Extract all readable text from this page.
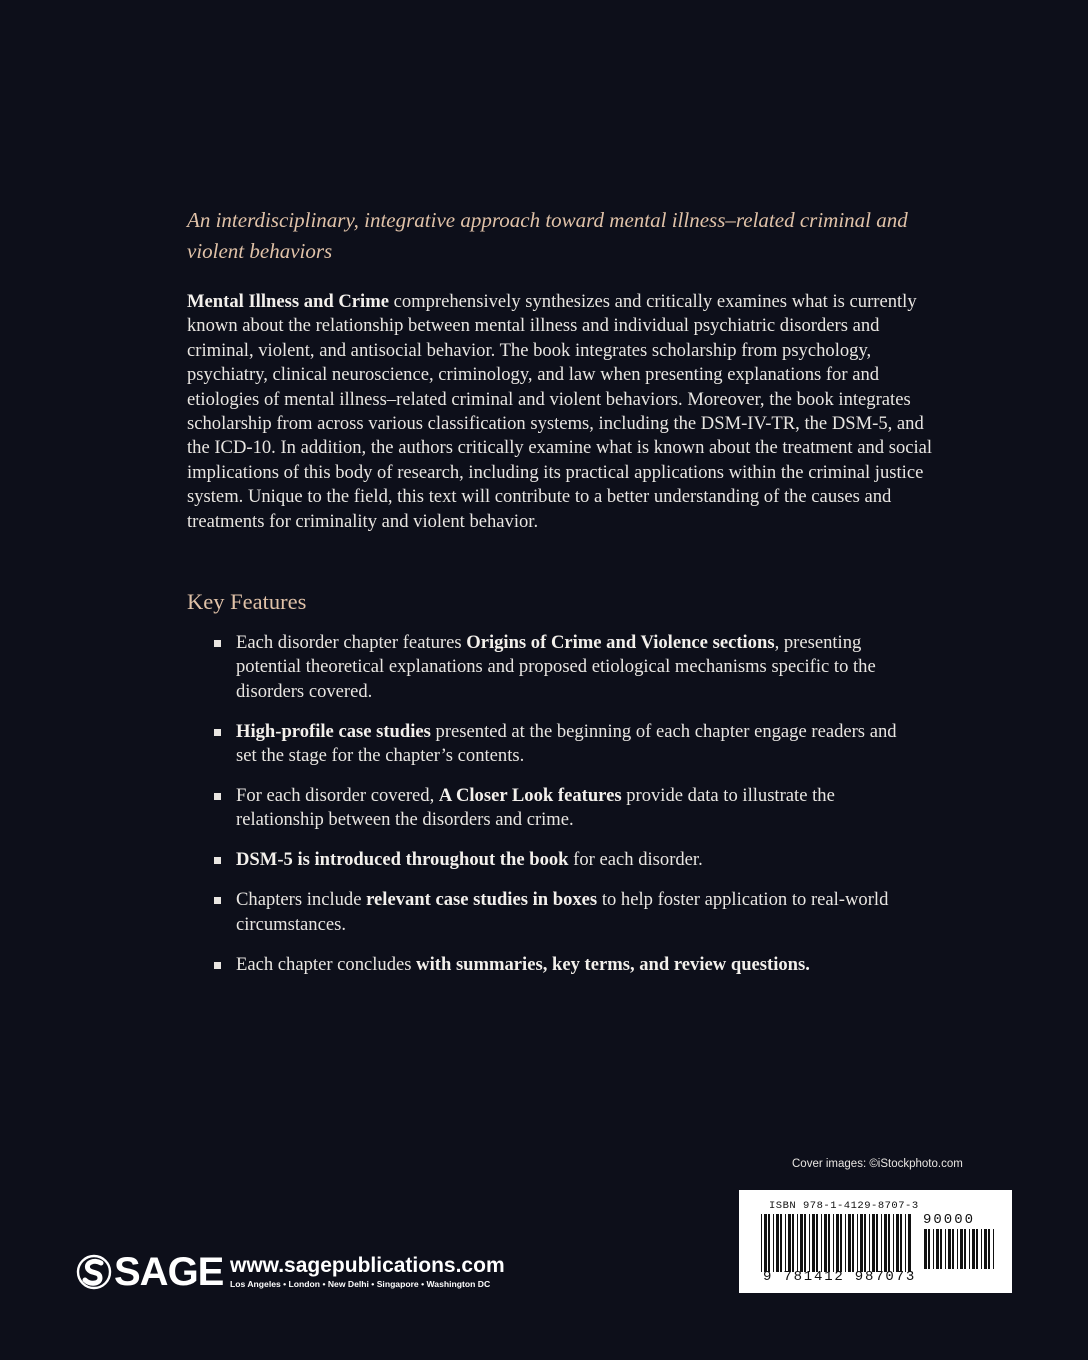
An interdisciplinary, integrative approach toward mental illness–related criminal and violent behaviors
Mental Illness and Crime comprehensively synthesizes and critically examines what is currently known about the relationship between mental illness and individual psychiatric disorders and criminal, violent, and antisocial behavior. The book integrates scholarship from psychology, psychiatry, clinical neuroscience, criminology, and law when presenting explanations for and etiologies of mental illness–related criminal and violent behaviors. Moreover, the book integrates scholarship from across various classification systems, including the DSM-IV-TR, the DSM-5, and the ICD-10. In addition, the authors critically examine what is known about the treatment and social implications of this body of research, including its practical applications within the criminal justice system. Unique to the field, this text will contribute to a better understanding of the causes and treatments for criminality and violent behavior.
Key Features
Each disorder chapter features Origins of Crime and Violence sections, presenting potential theoretical explanations and proposed etiological mechanisms specific to the disorders covered.
High-profile case studies presented at the beginning of each chapter engage readers and set the stage for the chapter’s contents.
For each disorder covered, A Closer Look features provide data to illustrate the relationship between the disorders and crime.
DSM-5 is introduced throughout the book for each disorder.
Chapters include relevant case studies in boxes to help foster application to real-world circumstances.
Each chapter concludes with summaries, key terms, and review questions.
Cover images: ©iStockphoto.com
ISBN 978-1-4129-8707-3
90000
9 781412 987073
SAGE www.sagepublications.com
Los Angeles • London • New Delhi • Singapore • Washington DC
